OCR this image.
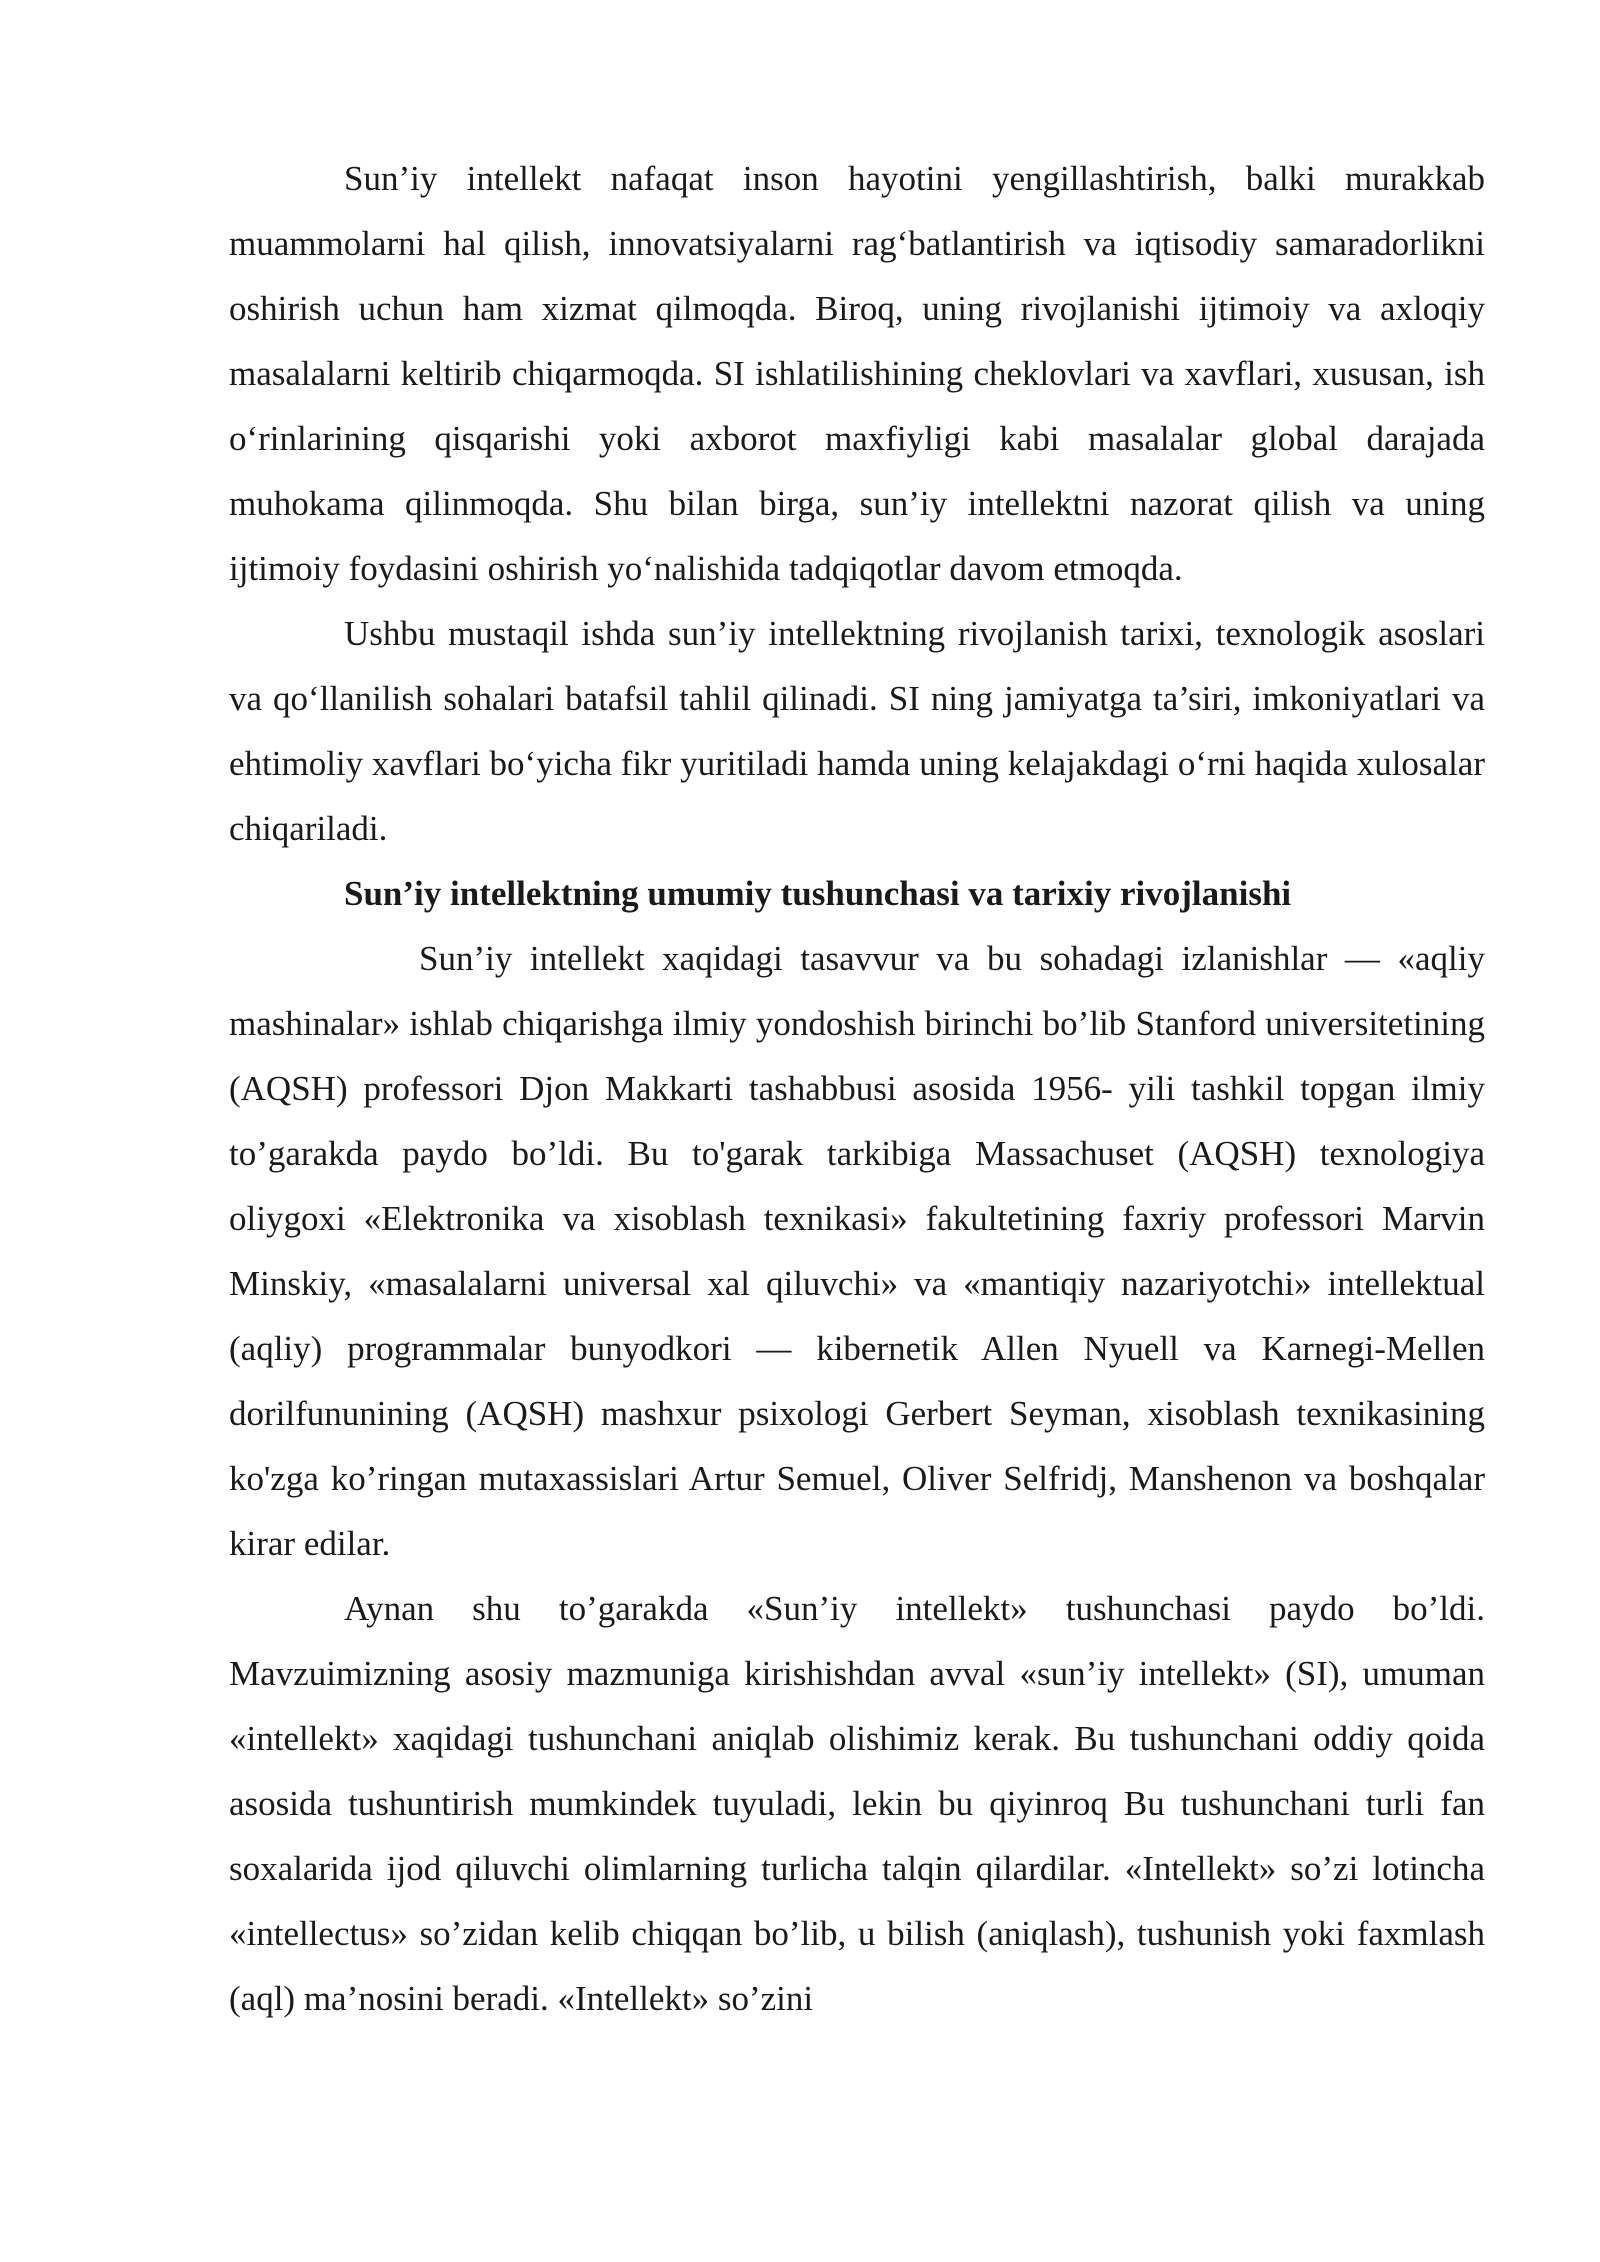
Sun’iy intellekt nafaqat inson hayotini yengillashtirish, balki murakkab muammolarni hal qilish, innovatsiyalarni rag‘batlantirish va iqtisodiy samaradorlikni oshirish uchun ham xizmat qilmoqda. Biroq, uning rivojlanishi ijtimoiy va axloqiy masalalarni keltirib chiqarmoqda. SI ishlatilishining cheklovlari va xavflari, xususan, ish o‘rinlarining qisqarishi yoki axborot maxfiyligi kabi masalalar global darajada muhokama qilinmoqda. Shu bilan birga, sun’iy intellektni nazorat qilish va uning ijtimoiy foydasini oshirish yo‘nalishida tadqiqotlar davom etmoqda.

Ushbu mustaqil ishda sun’iy intellektning rivojlanish tarixi, texnologik asoslari va qo‘llanilish sohalari batafsil tahlil qilinadi. SI ning jamiyatga ta’siri, imkoniyatlari va ehtimoliy xavflari bo‘yicha fikr yuritiladi hamda uning kelajakdagi o‘rni haqida xulosalar chiqariladi.

Sun’iy intellektning umumiy tushunchasi va tarixiy rivojlanishi

Sun’iy intellekt xaqidagi tasavvur va bu sohadagi izlanishlar — «aqliy mashinalar» ishlab chiqarishga ilmiy yondoshish birinchi bo’lib Stanford universitetining (AQSH) professori Djon Makkarti tashabbusi asosida 1956- yili tashkil topgan ilmiy to’garakda paydo bo’ldi. Bu to'garak tarkibiga Massachuset (AQSH) texnologiya oliygoxi «Elektronika va xisoblash texnikasi» fakultetining faxriy professori Marvin Minskiy, «masalalarni universal xal qiluvchi» va «mantiqiy nazariyotchi» intellektual (aqliy) programmalar bunyodkori — kibernetik Allen Nyuell va Karnegi-Mellen dorilfununining (AQSH) mashxur psixologi Gerbert Seyman, xisoblash texnikasining ko'zga ko’ringan mutaxassislari Artur Semuel, Oliver Selfridj, Manshenon va boshqalar kirar edilar.

Aynan shu to’garakda «Sun’iy intellekt» tushunchasi paydo bo’ldi. Mavzuimizning asosiy mazmuniga kirishishdan avval «sun’iy intellekt» (SI), umuman «intellekt» xaqidagi tushunchani aniqlab olishimiz kerak. Bu tushunchani oddiy qoida asosida tushuntirish mumkindek tuyuladi, lekin bu qiyinroq Bu tushunchani turli fan soxalarida ijod qiluvchi olimlarning turlicha talqin qilardilar. «Intellekt» so’zi lotincha «intellectus» so’zidan kelib chiqqan bo’lib, u bilish (aniqlash), tushunish yoki faxmlash (aql) ma’nosini beradi. «Intellekt» so’zini
